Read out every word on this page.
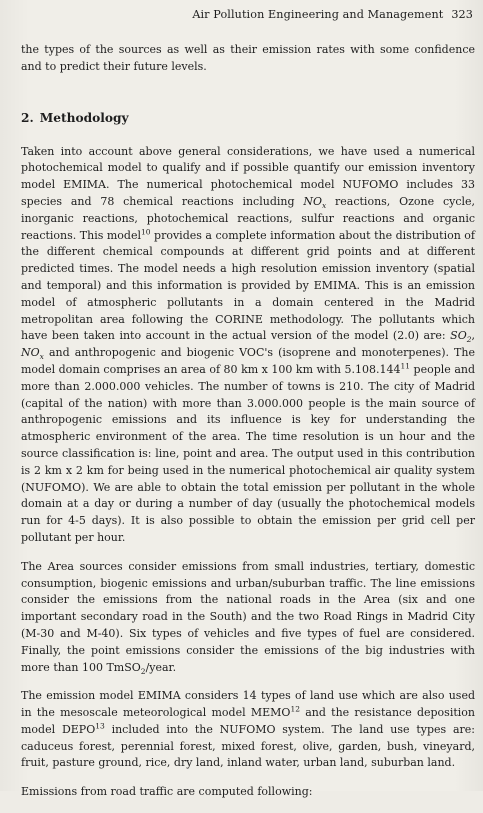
Air Pollution Engineering and Management 323

the types of the sources as well as their emission rates with some confidence and to predict their future levels.

2. Methodology

Taken into account above general considerations, we have used a numerical photochemical model to qualify and if possible quantify our emission inventory model EMIMA. The numerical photochemical model NUFOMO includes 33 species and 78 chemical reactions including $NO_x$ reactions, Ozone cycle, inorganic reactions, photochemical reactions, sulfur reactions and organic reactions. This model$^{10}$ provides a complete information about the distribution of the different chemical compounds at different grid points and at different predicted times. The model needs a high resolution emission inventory (spatial and temporal) and this information is provided by EMIMA. This is an emission model of atmospheric pollutants in a domain centered in the Madrid metropolitan area following the CORINE methodology. The pollutants which have been taken into account in the actual version of the model (2.0) are: $SO_2$, $NO_x$ and anthropogenic and biogenic VOC's (isoprene and monoterpenes). The model domain comprises an area of 80 km x 100 km with 5.108.144$^{11}$ people and more than 2.000.000 vehicles. The number of towns is 210. The city of Madrid (capital of the nation) with more than 3.000.000 people is the main source of anthropogenic emissions and its influence is key for understanding the atmospheric environment of the area. The time resolution is un hour and the source classification is: line, point and area. The output used in this contribution is 2 km x 2 km for being used in the numerical photochemical air quality system (NUFOMO). We are able to obtain the total emission per pollutant in the whole domain at a day or during a number of day (usually the photochemical models run for 4-5 days). It is also possible to obtain the emission per grid cell per pollutant per hour.

The Area sources consider emissions from small industries, tertiary, domestic consumption, biogenic emissions and urban/suburban traffic. The line emissions consider the emissions from the national roads in the Area (six and one important secondary road in the South) and the two Road Rings in Madrid City (M-30 and M-40). Six types of vehicles and five types of fuel are considered. Finally, the point emissions consider the emissions of the big industries with more than 100 TmSO$_2$/year.

The emission model EMIMA considers 14 types of land use which are also used in the mesoscale meteorological model MEMO$^{12}$ and the resistance deposition model DEPO$^{13}$ included into the NUFOMO system. The land use types are: caduceus forest, perennial forest, mixed forest, olive, garden, bush, vineyard, fruit, pasture ground, rice, dry land, inland water, urban land, suburban land.

Emissions from road traffic are computed following:
